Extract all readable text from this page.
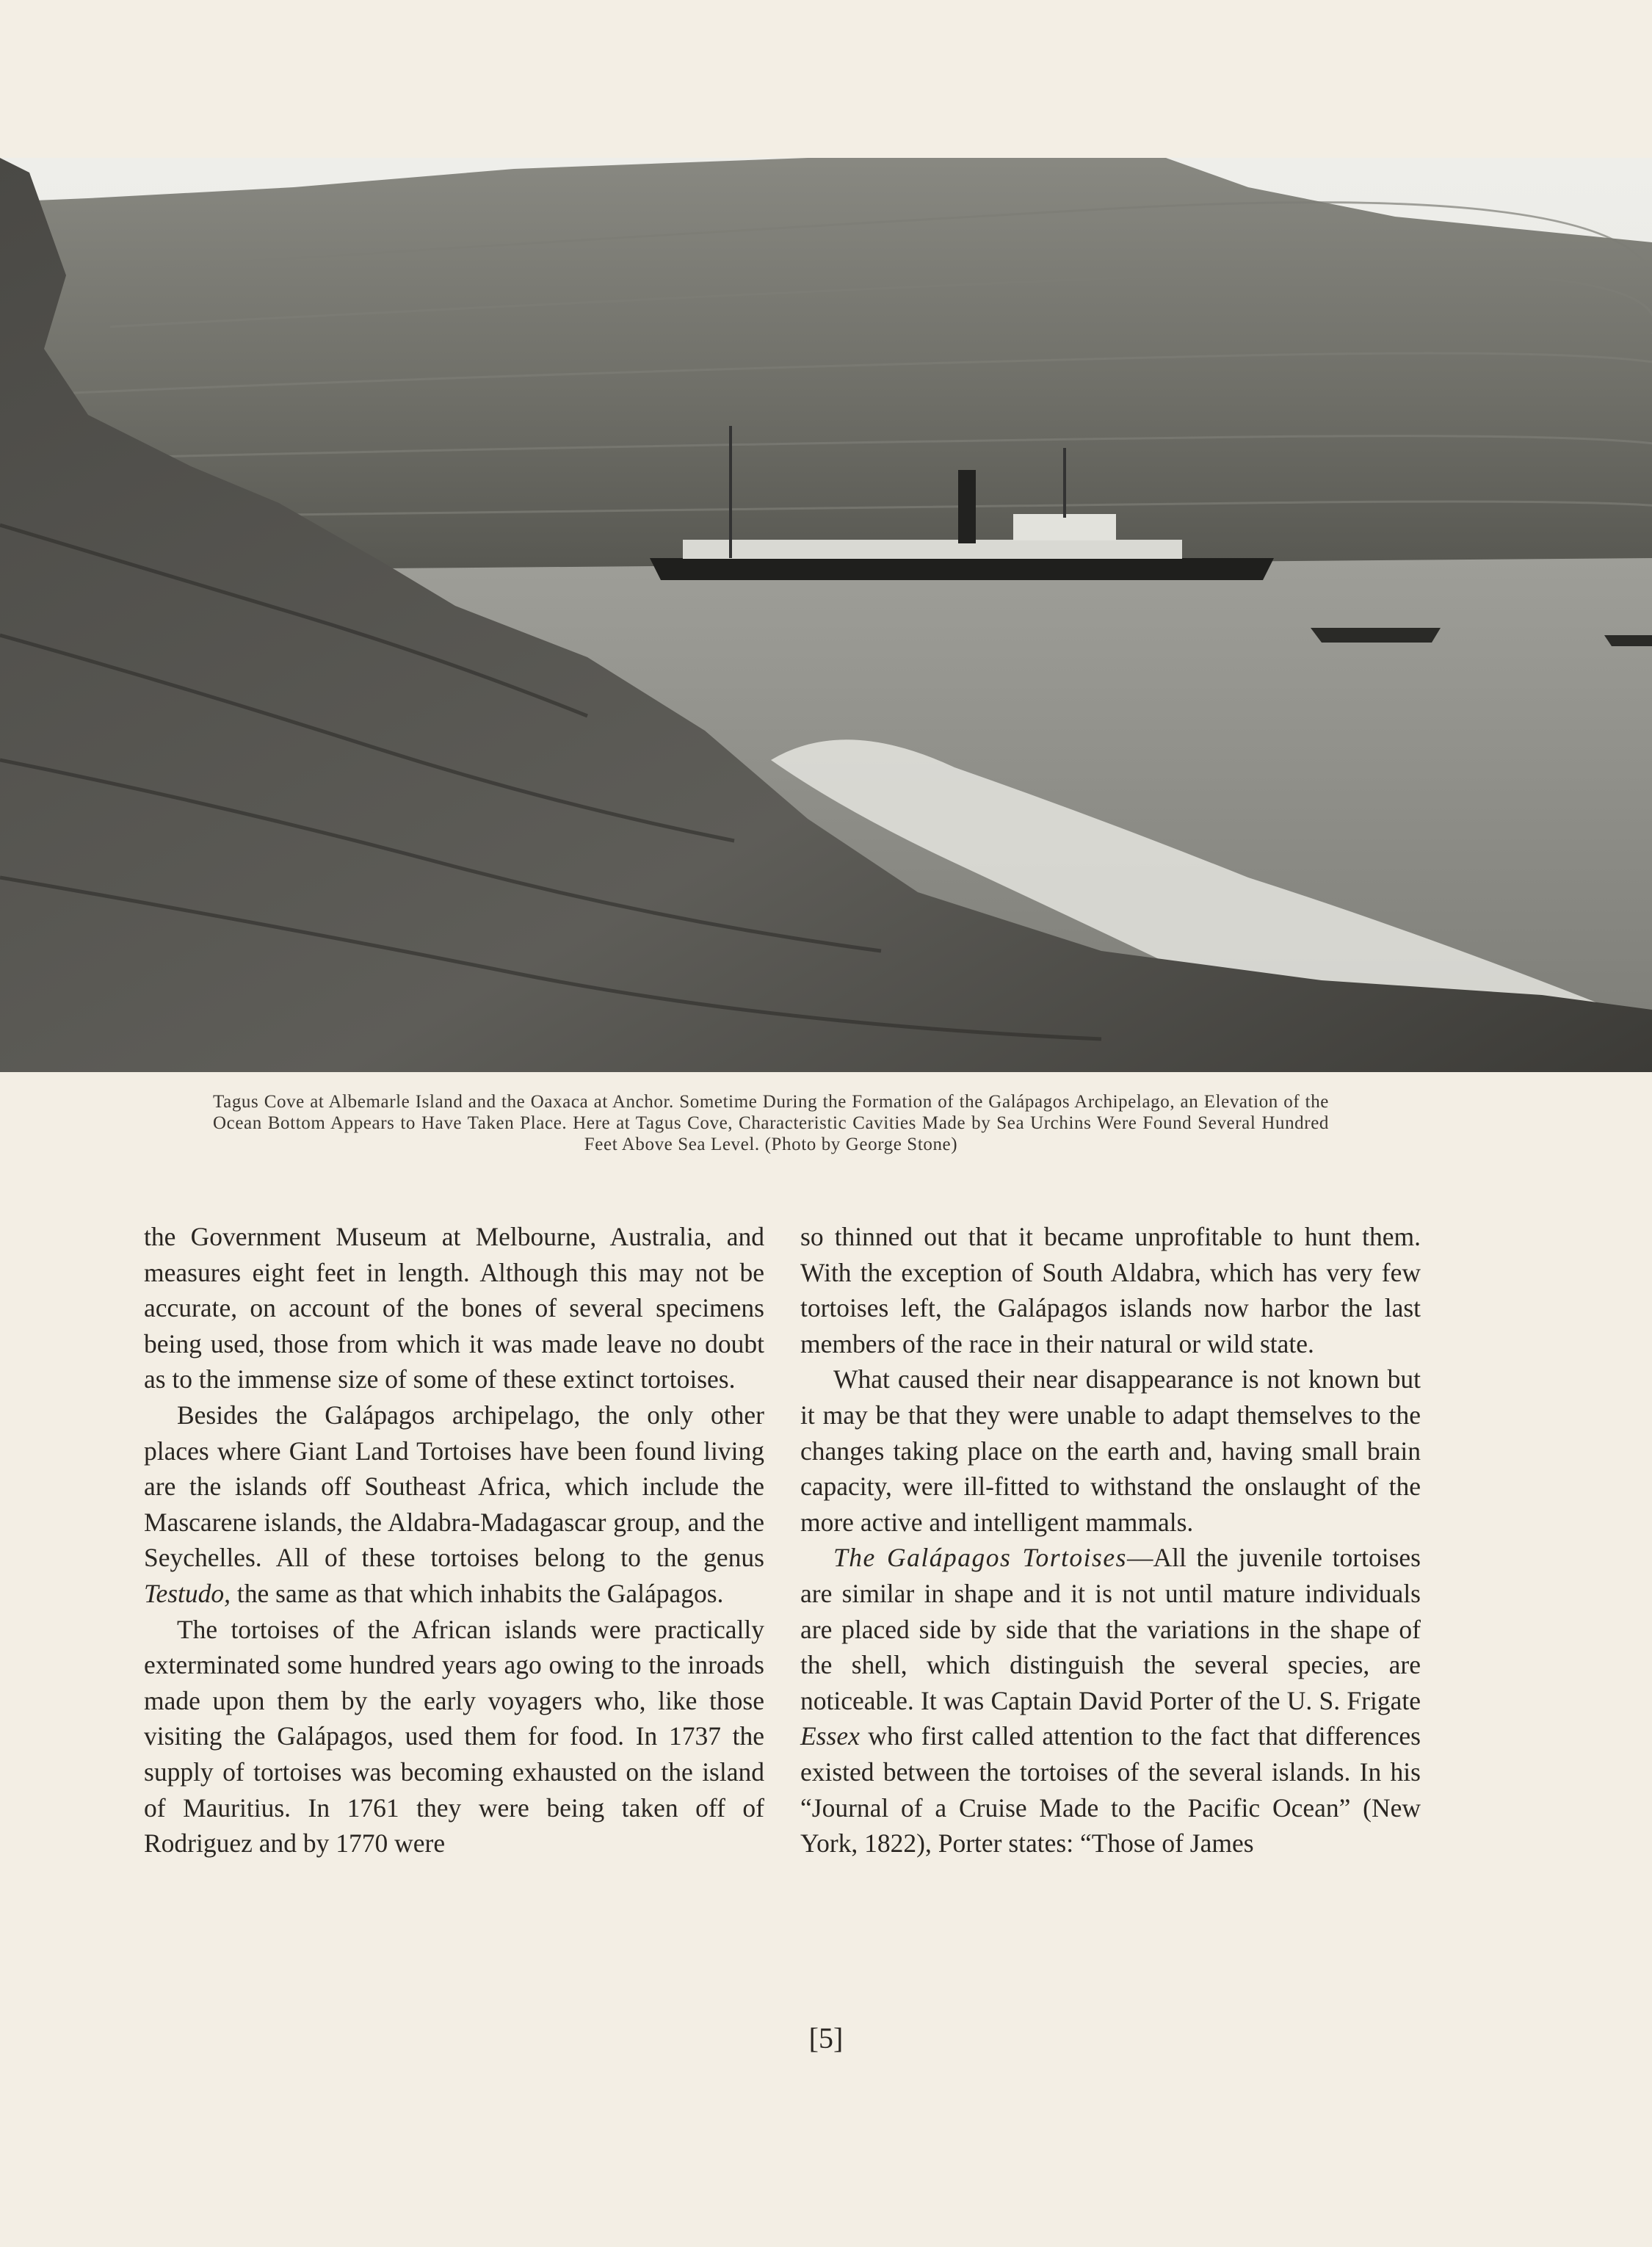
Tagus Cove at Albemarle Island and the Oaxaca at Anchor. Sometime During the Formation of the Galápagos Archipelago, an Elevation of the Ocean Bottom Appears to Have Taken Place. Here at Tagus Cove, Characteristic Cavities Made by Sea Urchins Were Found Several Hundred Feet Above Sea Level. (Photo by George Stone)

the Government Museum at Melbourne, Australia, and measures eight feet in length. Although this may not be accurate, on account of the bones of several specimens being used, those from which it was made leave no doubt as to the immense size of some of these extinct tortoises.

Besides the Galápagos archipelago, the only other places where Giant Land Tortoises have been found living are the islands off Southeast Africa, which include the Mascarene islands, the Aldabra-Madagascar group, and the Seychelles. All of these tortoises belong to the genus Testudo, the same as that which inhabits the Galápagos.

The tortoises of the African islands were practically exterminated some hundred years ago owing to the inroads made upon them by the early voyagers who, like those visiting the Galápagos, used them for food. In 1737 the supply of tortoises was becoming exhausted on the island of Mauritius. In 1761 they were being taken off of Rodriguez and by 1770 were

so thinned out that it became unprofitable to hunt them. With the exception of South Aldabra, which has very few tortoises left, the Galápagos islands now harbor the last members of the race in their natural or wild state.

What caused their near disappearance is not known but it may be that they were unable to adapt themselves to the changes taking place on the earth and, having small brain capacity, were ill-fitted to withstand the onslaught of the more active and intelligent mammals.

The Galápagos Tortoises—All the juvenile tortoises are similar in shape and it is not until mature individuals are placed side by side that the variations in the shape of the shell, which distinguish the several species, are noticeable. It was Captain David Porter of the U. S. Frigate Essex who first called attention to the fact that differences existed between the tortoises of the several islands. In his “Journal of a Cruise Made to the Pacific Ocean” (New York, 1822), Porter states: “Those of James

[5]
